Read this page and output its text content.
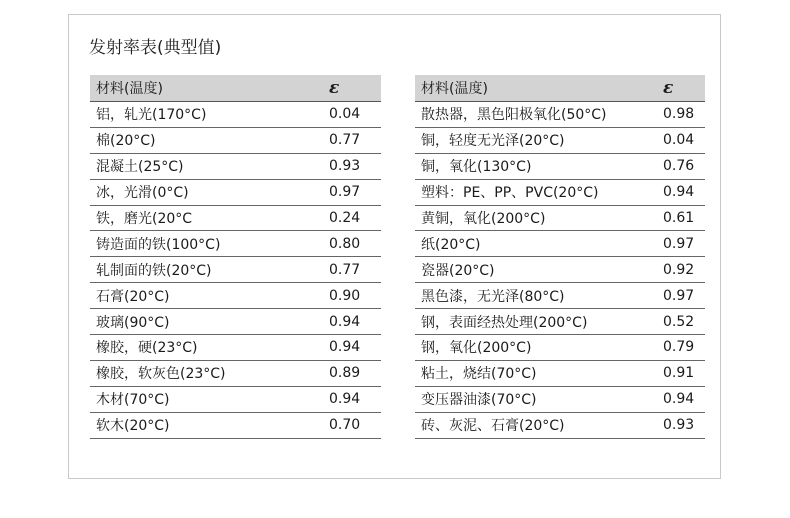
发射率表(典型值)
材料(温度)	ε
铝，轧光(170°C)	0.04
棉(20°C)	0.77
混凝土(25°C)	0.93
冰，光滑(0°C)	0.97
铁，磨光(20°C	0.24
铸造面的铁(100°C)	0.80
轧制面的铁(20°C)	0.77
石膏(20°C)	0.90
玻璃(90°C)	0.94
橡胶，硬(23°C)	0.94
橡胶，软灰色(23°C)	0.89
木材(70°C)	0.94
软木(20°C)	0.70
材料(温度)	ε
散热器，黑色阳极氧化(50°C)	0.98
铜，轻度无光泽(20°C)	0.04
铜，氧化(130°C)	0.76
塑料：PE、PP、PVC(20°C)	0.94
黄铜，氧化(200°C)	0.61
纸(20°C)	0.97
瓷器(20°C)	0.92
黑色漆，无光泽(80°C)	0.97
钢，表面经热处理(200°C)	0.52
钢，氧化(200°C)	0.79
粘土，烧结(70°C)	0.91
变压器油漆(70°C)	0.94
砖、灰泥、石膏(20°C)	0.93
